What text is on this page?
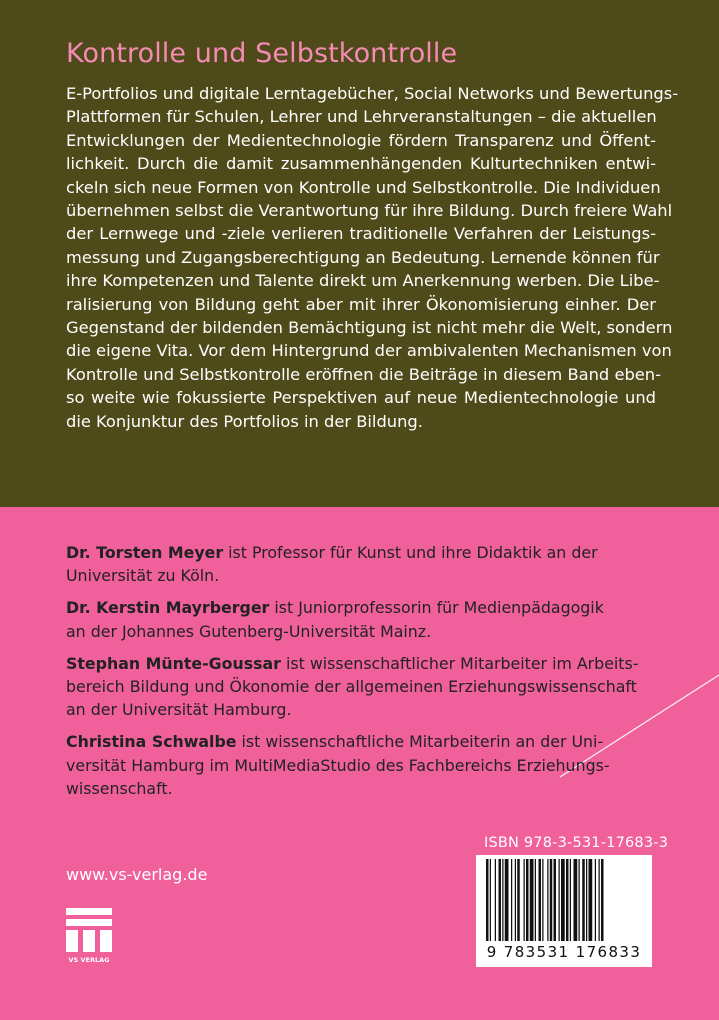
Kontrolle und Selbstkontrolle
E-Portfolios und digitale Lerntagebücher, Social Networks und Bewertungs-
Plattformen für Schulen, Lehrer und Lehrveranstaltungen – die aktuellen
Entwicklungen der Medientechnologie fördern Transparenz und Öffent-
lichkeit. Durch die damit zusammenhängenden Kulturtechniken entwi-
ckeln sich neue Formen von Kontrolle und Selbstkontrolle. Die Individuen
übernehmen selbst die Verantwortung für ihre Bildung. Durch freiere Wahl
der Lernwege und -ziele verlieren traditionelle Verfahren der Leistungs-
messung und Zugangsberechtigung an Bedeutung. Lernende können für
ihre Kompetenzen und Talente direkt um Anerkennung werben. Die Libe-
ralisierung von Bildung geht aber mit ihrer Ökonomisierung einher. Der
Gegenstand der bildenden Bemächtigung ist nicht mehr die Welt, sondern
die eigene Vita. Vor dem Hintergrund der ambivalenten Mechanismen von
Kontrolle und Selbstkontrolle eröffnen die Beiträge in diesem Band eben-
so weite wie fokussierte Perspektiven auf neue Medientechnologie und
die Konjunktur des Portfolios in der Bildung.
Dr. Torsten Meyer ist Professor für Kunst und ihre Didaktik an der
Universität zu Köln.
Dr. Kerstin Mayrberger ist Juniorprofessorin für Medienpädagogik
an der Johannes Gutenberg-Universität Mainz.
Stephan Münte-Goussar ist wissenschaftlicher Mitarbeiter im Arbeits-
bereich Bildung und Ökonomie der allgemeinen Erziehungswissenschaft
an der Universität Hamburg.
Christina Schwalbe ist wissenschaftliche Mitarbeiterin an der Uni-
versität Hamburg im MultiMediaStudio des Fachbereichs Erziehungs-
wissenschaft.
www.vs-verlag.de
VS VERLAG
ISBN 978-3-531-17683-3
9 783531 176833
